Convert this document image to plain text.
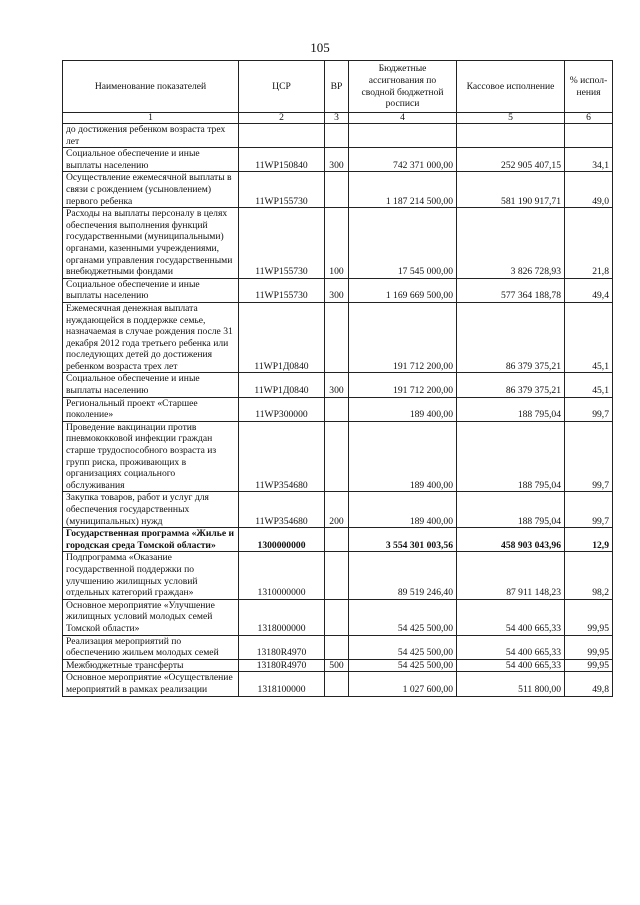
105
Наименование показателей	ЦСР	ВР	Бюджетные ассигнования по сводной бюджетной росписи	Кассовое исполнение	% испол-нения
1	2	3	4	5	6
до достижения ребенком возраста трех лет					
Социальное обеспечение и иные выплаты населению	11WP150840	300	742 371 000,00	252 905 407,15	34,1
Осуществление ежемесячной выплаты в связи с рождением (усыновлением) первого ребенка	11WP155730		1 187 214 500,00	581 190 917,71	49,0
Расходы на выплаты персоналу в целях обеспечения выполнения функций государственными (муниципальными) органами, казенными учреждениями, органами управления государственными внебюджетными фондами	11WP155730	100	17 545 000,00	3 826 728,93	21,8
Социальное обеспечение и иные выплаты населению	11WP155730	300	1 169 669 500,00	577 364 188,78	49,4
Ежемесячная денежная выплата нуждающейся в поддержке семье, назначаемая в случае рождения после 31 декабря 2012 года третьего ребенка или последующих детей до достижения ребенком возраста трех лет	11WP1Д0840		191 712 200,00	86 379 375,21	45,1
Социальное обеспечение и иные выплаты населению	11WP1Д0840	300	191 712 200,00	86 379 375,21	45,1
Региональный проект «Старшее поколение»	11WP300000		189 400,00	188 795,04	99,7
Проведение вакцинации против пневмококковой инфекции граждан старше трудоспособного возраста из групп риска, проживающих в организациях социального обслуживания	11WP354680		189 400,00	188 795,04	99,7
Закупка товаров, работ и услуг для обеспечения государственных (муниципальных) нужд	11WP354680	200	189 400,00	188 795,04	99,7
Государственная программа «Жилье и городская среда Томской области»	1300000000		3 554 301 003,56	458 903 043,96	12,9
Подпрограмма «Оказание государственной поддержки по улучшению жилищных условий отдельных категорий граждан»	1310000000		89 519 246,40	87 911 148,23	98,2
Основное мероприятие «Улучшение жилищных условий молодых семей Томской области»	1318000000		54 425 500,00	54 400 665,33	99,95
Реализация мероприятий по обеспечению жильем молодых семей	13180R4970		54 425 500,00	54 400 665,33	99,95
Межбюджетные трансферты	13180R4970	500	54 425 500,00	54 400 665,33	99,95
Основное мероприятие «Осуществление мероприятий в рамках реализации	1318100000		1 027 600,00	511 800,00	49,8
